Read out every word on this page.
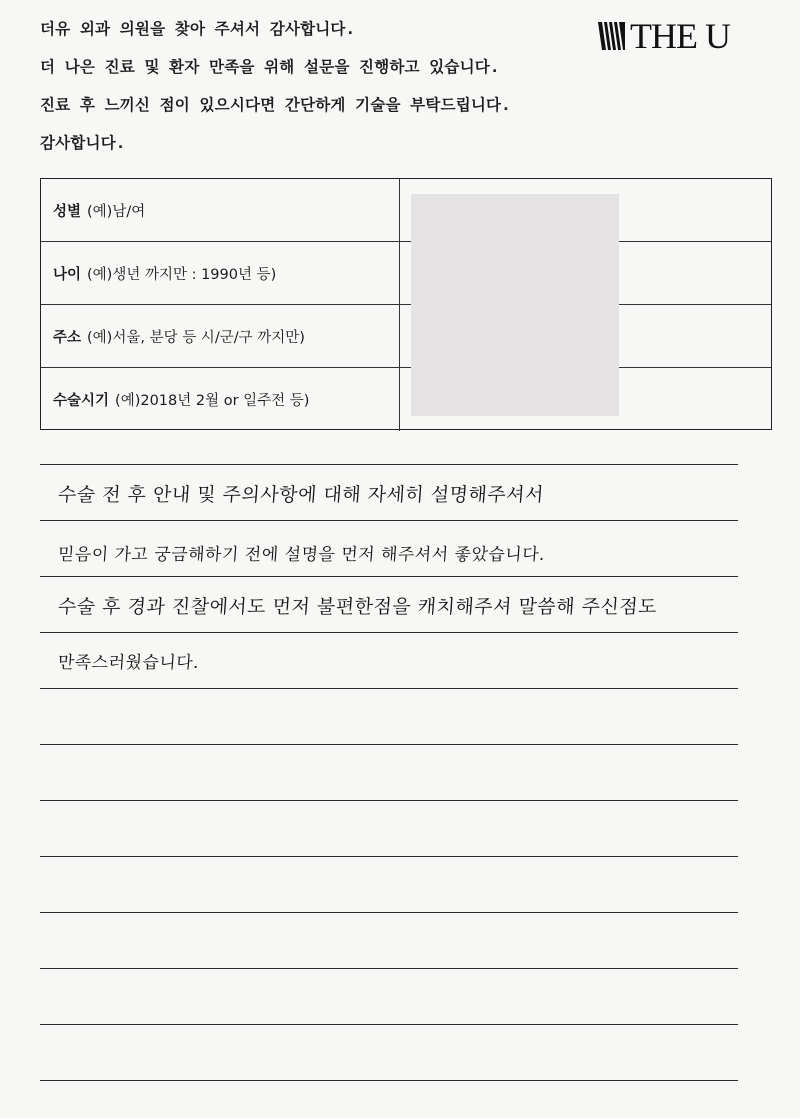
더유 외과 의원을 찾아 주셔서 감사합니다.
더 나은 진료 및 환자 만족을 위해 설문을 진행하고 있습니다.
진료 후 느끼신 점이 있으시다면 간단하게 기술을 부탁드립니다.
감사합니다.
THE U
성별 (예)남/여
나이 (예)생년 까지만 : 1990년 등)
주소 (예)서울, 분당 등 시/군/구 까지만)
수술시기 (예)2018년 2월 or 일주전 등)
수술 전 후 안내 및 주의사항에 대해 자세히 설명해주셔서
믿음이 가고 궁금해하기 전에 설명을 먼저 해주셔서 좋았습니다.
수술 후 경과 진찰에서도 먼저 불편한점을 캐치해주셔 말씀해 주신점도
만족스러웠습니다.
